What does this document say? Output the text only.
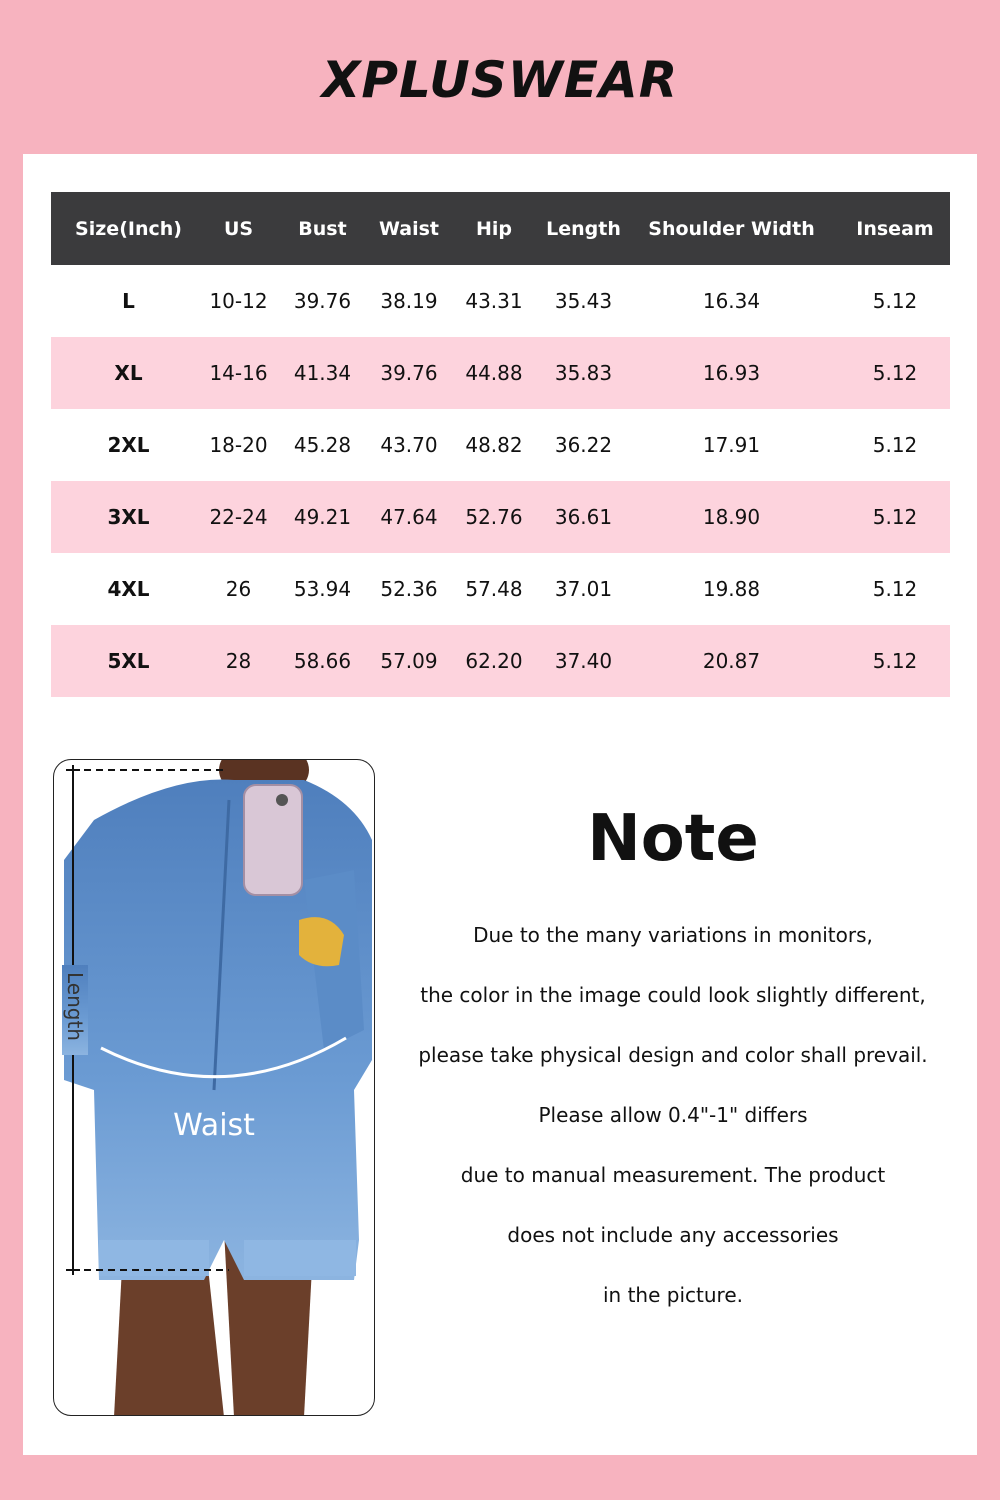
XPLUSWEAR
Size(Inch)	US	Bust	Waist	Hip	Length	Shoulder Width	Inseam
L	10-12	39.76	38.19	43.31	35.43	16.34	5.12
XL	14-16	41.34	39.76	44.88	35.83	16.93	5.12
2XL	18-20	45.28	43.70	48.82	36.22	17.91	5.12
3XL	22-24	49.21	47.64	52.76	36.61	18.90	5.12
4XL	26	53.94	52.36	57.48	37.01	19.88	5.12
5XL	28	58.66	57.09	62.20	37.40	20.87	5.12
Length
Waist
Note
Due to the many variations in monitors,
the color in the image could look slightly different,
please take physical design and color shall prevail.
Please allow 0.4"-1" differs
due to manual measurement. The product
does not include any accessories
in the picture.
